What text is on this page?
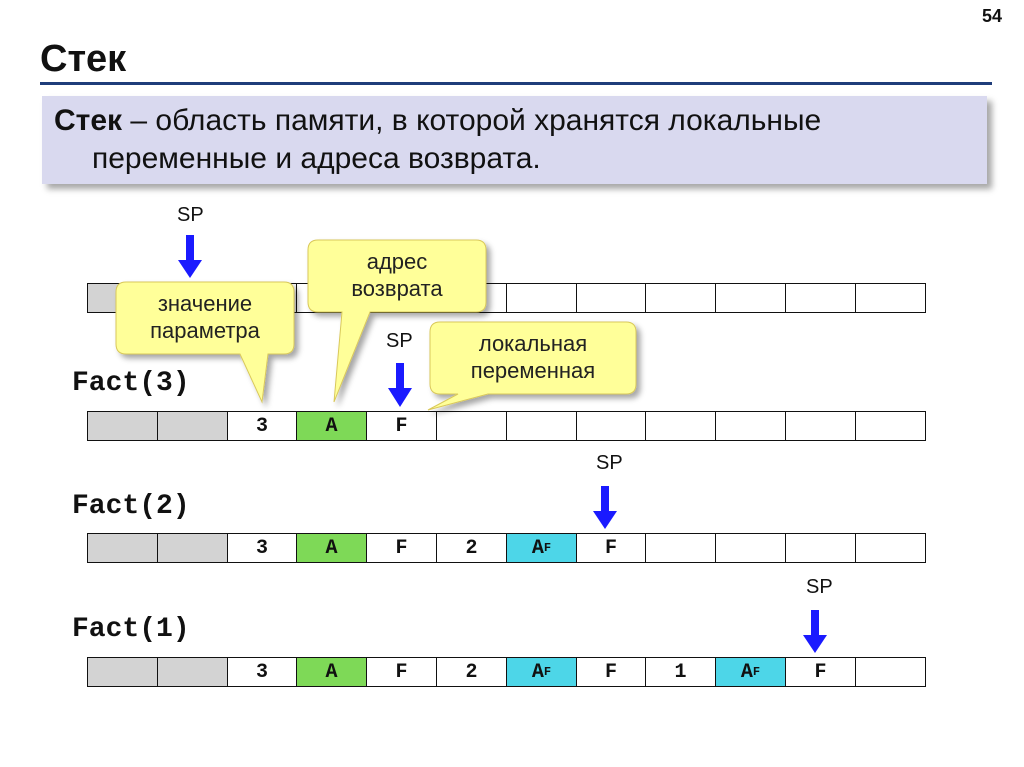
54
Стек
Стек – область памяти, в которой хранятся локальные
переменные и адреса возврата.
Fact(3)
Fact(2)
Fact(1)
3	A	F
3	A	F	2	A F	F
3	A	F	2	A F	F	1	A F	F
SP
SP
SP
SP
значение
параметра
адрес
возврата
локальная
переменная
